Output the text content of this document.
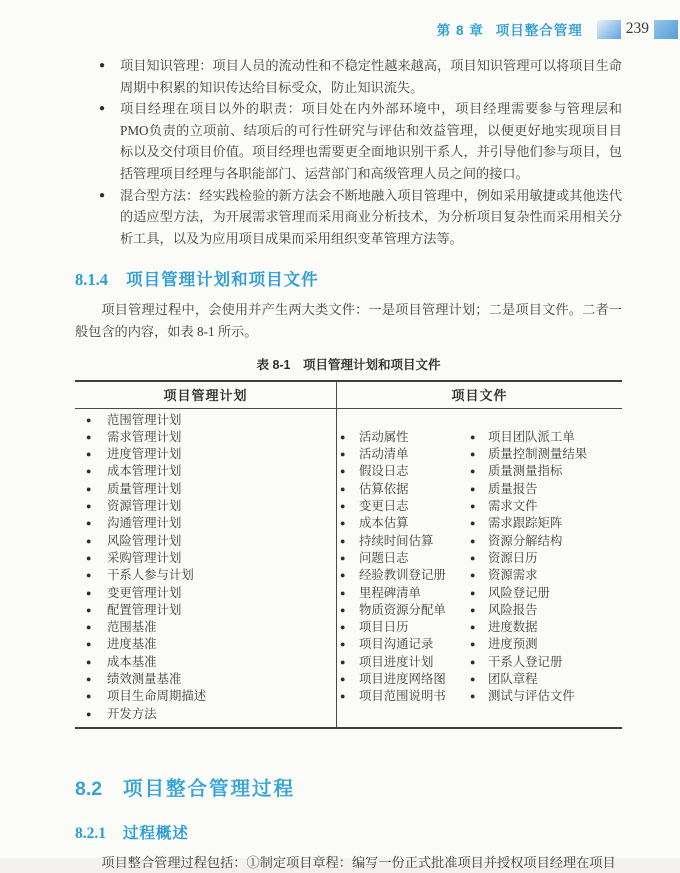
第 8 章 项目整合管理	239
● 项目知识管理：项目人员的流动性和不稳定性越来越高，项目知识管理可以将项目生命周期中积累的知识传达给目标受众，防止知识流失。
● 项目经理在项目以外的职责：项目处在内外部环境中，项目经理需要参与管理层和PMO负责的立项前、结项后的可行性研究与评估和效益管理，以便更好地实现项目目标以及交付项目价值。项目经理也需要更全面地识别干系人，并引导他们参与项目，包括管理项目经理与各职能部门、运营部门和高级管理人员之间的接口。
● 混合型方法：经实践检验的新方法会不断地融入项目管理中，例如采用敏捷或其他迭代的适应型方法，为开展需求管理而采用商业分析技术，为分析项目复杂性而采用相关分析工具，以及为应用项目成果而采用组织变革管理方法等。
8.1.4 项目管理计划和项目文件

项目管理过程中，会使用并产生两大类文件：一是项目管理计划；二是项目文件。二者一般包含的内容，如表 8-1 所示。

表 8-1　项目管理计划和项目文件
项目管理计划	项目文件
● 范围管理计划
● 需求管理计划
● 进度管理计划
● 成本管理计划
● 质量管理计划
● 资源管理计划
● 沟通管理计划
● 风险管理计划
● 采购管理计划
● 干系人参与计划
● 变更管理计划
● 配置管理计划
● 范围基准
● 进度基准
● 成本基准
● 绩效测量基准
● 项目生命周期描述
● 开发方法
● 活动属性
● 活动清单
● 假设日志
● 估算依据
● 变更日志
● 成本估算
● 持续时间估算
● 问题日志
● 经验教训登记册
● 里程碑清单
● 物质资源分配单
● 项目日历
● 项目沟通记录
● 项目进度计划
● 项目进度网络图
● 项目范围说明书
● 项目团队派工单
● 质量控制测量结果
● 质量测量指标
● 质量报告
● 需求文件
● 需求跟踪矩阵
● 资源分解结构
● 资源日历
● 资源需求
● 风险登记册
● 风险报告
● 进度数据
● 进度预测
● 干系人登记册
● 团队章程
● 测试与评估文件
8.2 项目整合管理过程
8.2.1 过程概述

项目整合管理过程包括：①制定项目章程：编写一份正式批准项目并授权项目经理在项目
